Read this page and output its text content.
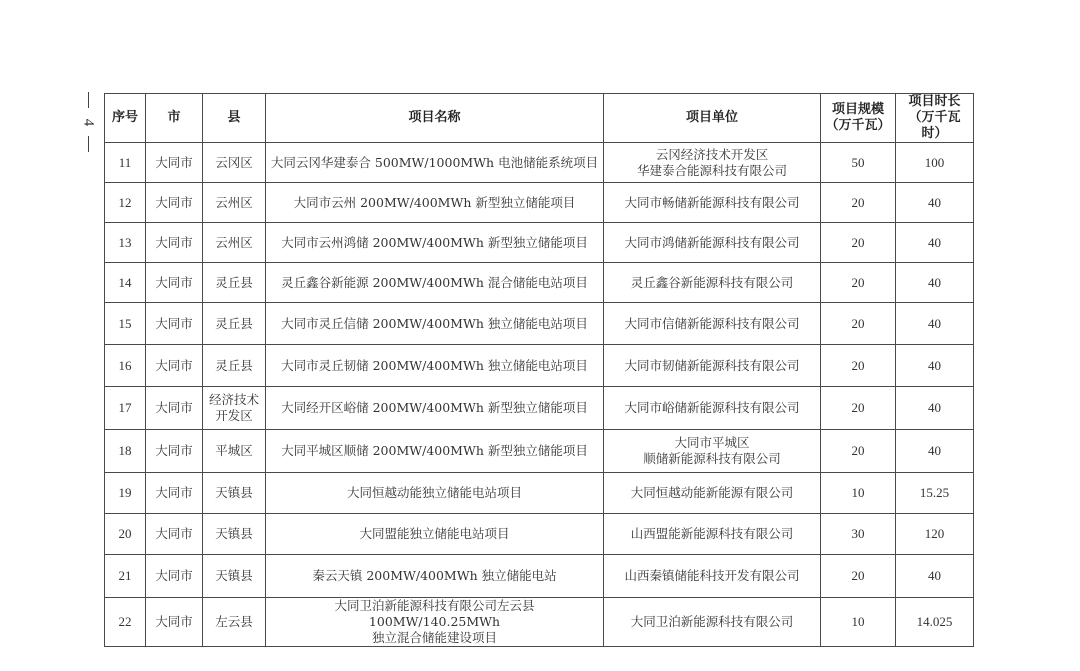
4 序号	市	县	项目名称	项目单位	项目规模
（万千瓦）	项目时长
（万千瓦时）

11	大同市	云冈区	大同云冈华建泰合 500MW/1000MWh 电池储能系统项目	云冈经济技术开发区
华建泰合能源科技有限公司	50	100
12	大同市	云州区	大同市云州 200MW/400MWh 新型独立储能项目	大同市畅储新能源科技有限公司	20	40
13	大同市	云州区	大同市云州鸿储 200MW/400MWh 新型独立储能项目	大同市鸿储新能源科技有限公司	20	40
14	大同市	灵丘县	灵丘鑫谷新能源 200MW/400MWh 混合储能电站项目	灵丘鑫谷新能源科技有限公司	20	40
15	大同市	灵丘县	大同市灵丘信储 200MW/400MWh 独立储能电站项目	大同市信储新能源科技有限公司	20	40
16	大同市	灵丘县	大同市灵丘韧储 200MW/400MWh 独立储能电站项目	大同市韧储新能源科技有限公司	20	40
17	大同市	经济技术
开发区	大同经开区峪储 200MW/400MWh 新型独立储能项目	大同市峪储新能源科技有限公司	20	40
18	大同市	平城区	大同平城区顺储 200MW/400MWh 新型独立储能项目	大同市平城区
顺储新能源科技有限公司	20	40
19	大同市	天镇县	大同恒越动能独立储能电站项目	大同恒越动能新能源有限公司	10	15.25
20	大同市	天镇县	大同盟能独立储能电站项目	山西盟能新能源科技有限公司	30	120
21	大同市	天镇县	秦云天镇 200MW/400MWh 独立储能电站	山西秦镇储能科技开发有限公司	20	40
22	大同市	左云县	大同卫泊新能源科技有限公司左云县 100MW/140.25MWh
独立混合储能建设项目	大同卫泊新能源科技有限公司	10	14.025
